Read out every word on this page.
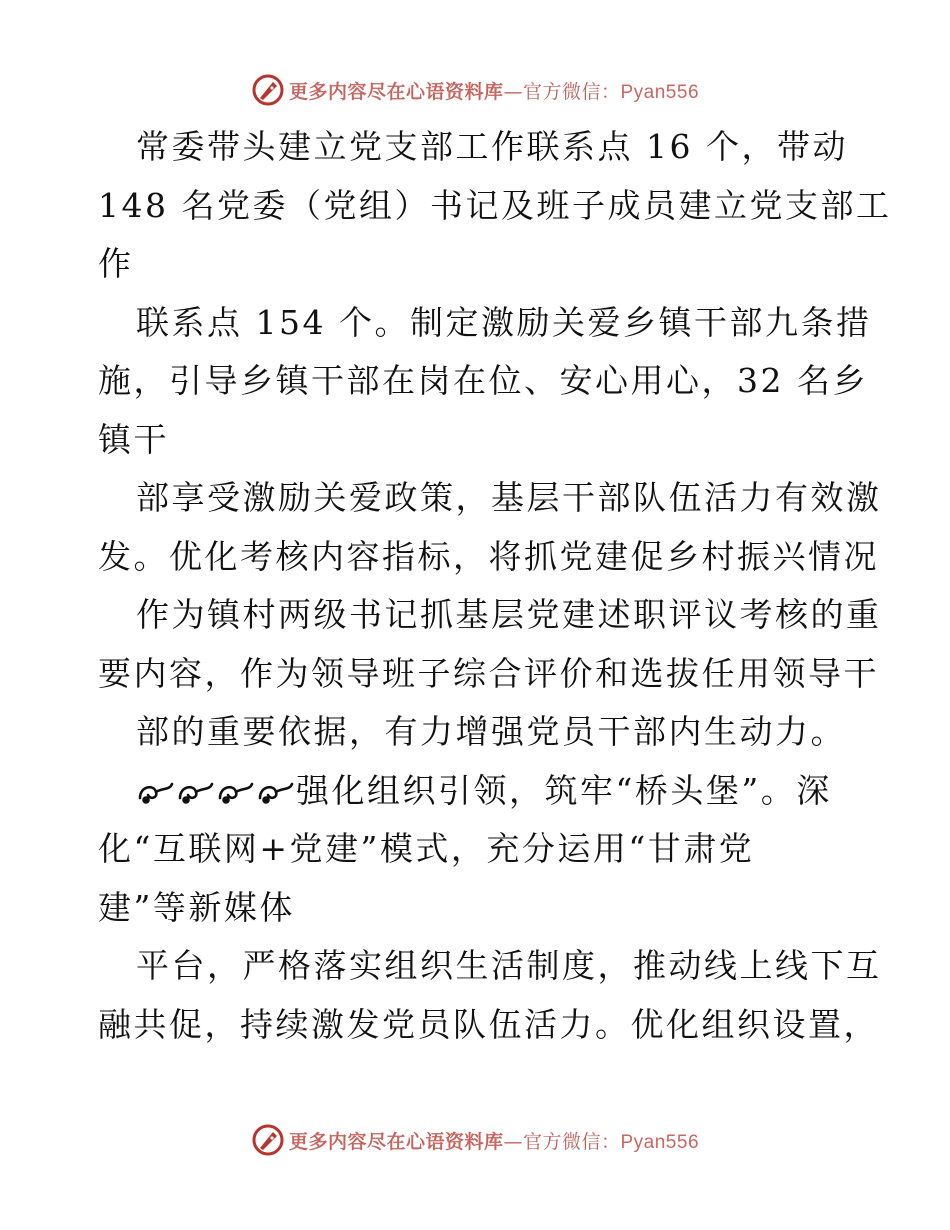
更多内容尽在心语资料库—官方微信：Pyan556
常委带头建立党支部工作联系点 16 个，带动
148 名党委（党组）书记及班子成员建立党支部工
作
联系点 154 个。制定激励关爱乡镇干部九条措
施，引导乡镇干部在岗在位、安心用心，32 名乡
镇干
部享受激励关爱政策，基层干部队伍活力有效激
发。优化考核内容指标，将抓党建促乡村振兴情况
作为镇村两级书记抓基层党建述职评议考核的重
要内容，作为领导班子综合评价和选拔任用领导干
部的重要依据，有力增强党员干部内生动力。
强化组织引领，筑牢“桥头堡”。深
化“互联网+党建”模式，充分运用“甘肃党
建”等新媒体
平台，严格落实组织生活制度，推动线上线下互
融共促，持续激发党员队伍活力。优化组织设置，
更多内容尽在心语资料库—官方微信：Pyan556
